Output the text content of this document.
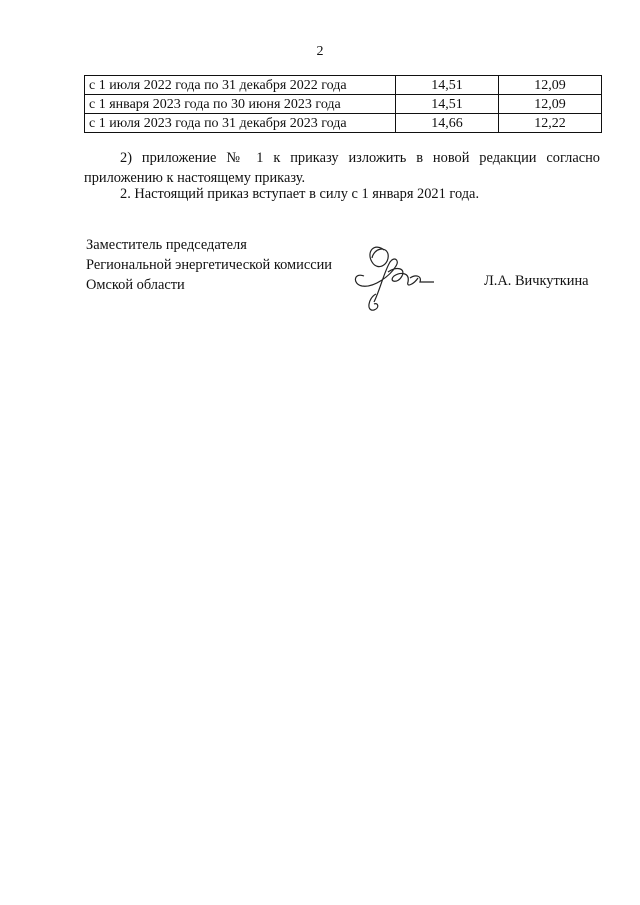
2
с 1 июля 2022 года по 31 декабря 2022 года	14,51	12,09
с 1 января 2023 года по 30 июня 2023 года	14,51	12,09
с 1 июля 2023 года по 31 декабря 2023 года	14,66	12,22
2) приложение № 1 к приказу изложить в новой редакции согласно приложению к настоящему приказу.
2. Настоящий приказ вступает в силу с 1 января 2021 года.
Заместитель председателя
Региональной энергетической комиссии
Омской области	Л.А. Вичкуткина
